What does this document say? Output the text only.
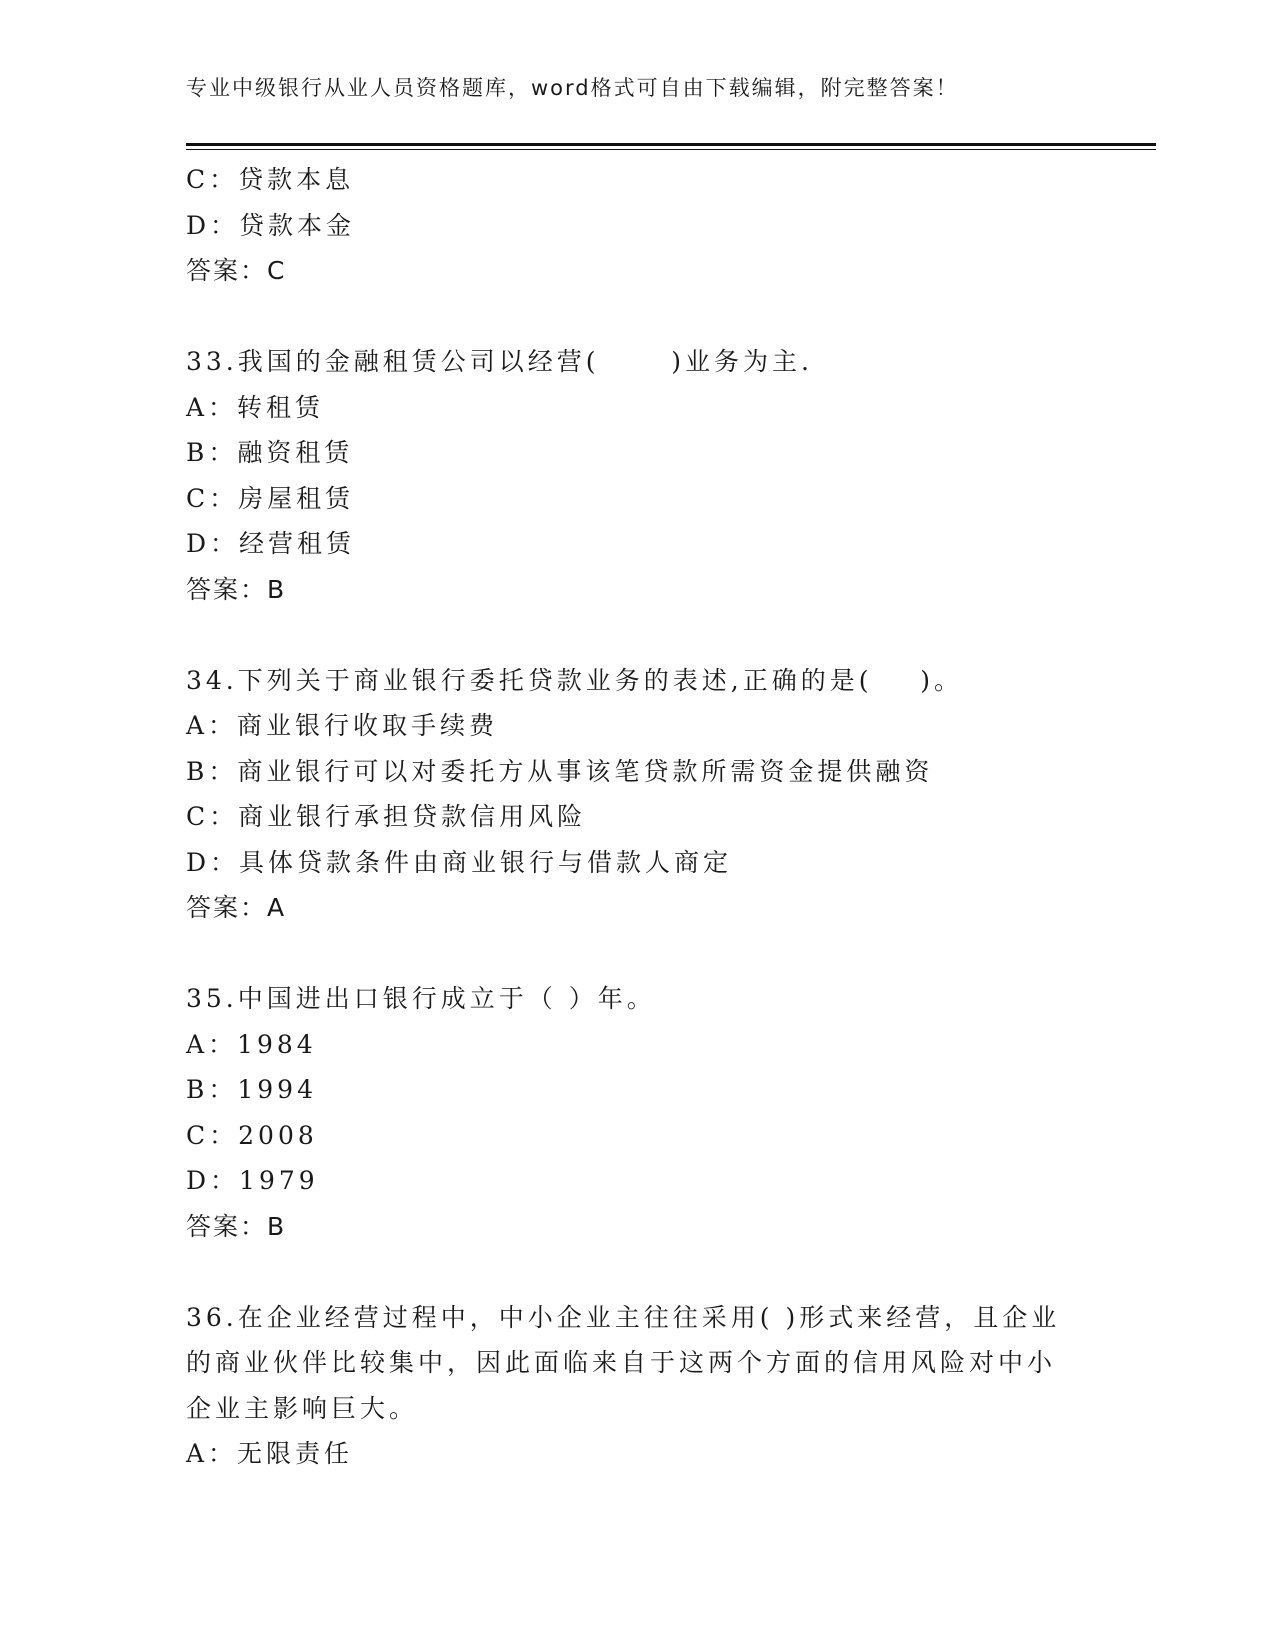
专业中级银行从业人员资格题库，word格式可自由下载编辑，附完整答案！
C：贷款本息
D：贷款本金
答案：C
33.我国的金融租赁公司以经营(      )业务为主.
A：转租赁
B：融资租赁
C：房屋租赁
D：经营租赁
答案：B
34.下列关于商业银行委托贷款业务的表述,正确的是(    )。
A：商业银行收取手续费
B：商业银行可以对委托方从事该笔贷款所需资金提供融资
C：商业银行承担贷款信用风险
D：具体贷款条件由商业银行与借款人商定
答案：A
35.中国进出口银行成立于（ ）年。
A：1984
B：1994
C：2008
D：1979
答案：B
36.在企业经营过程中，中小企业主往往采用( )形式来经营，且企业
的商业伙伴比较集中，因此面临来自于这两个方面的信用风险对中小
企业主影响巨大。
A：无限责任
